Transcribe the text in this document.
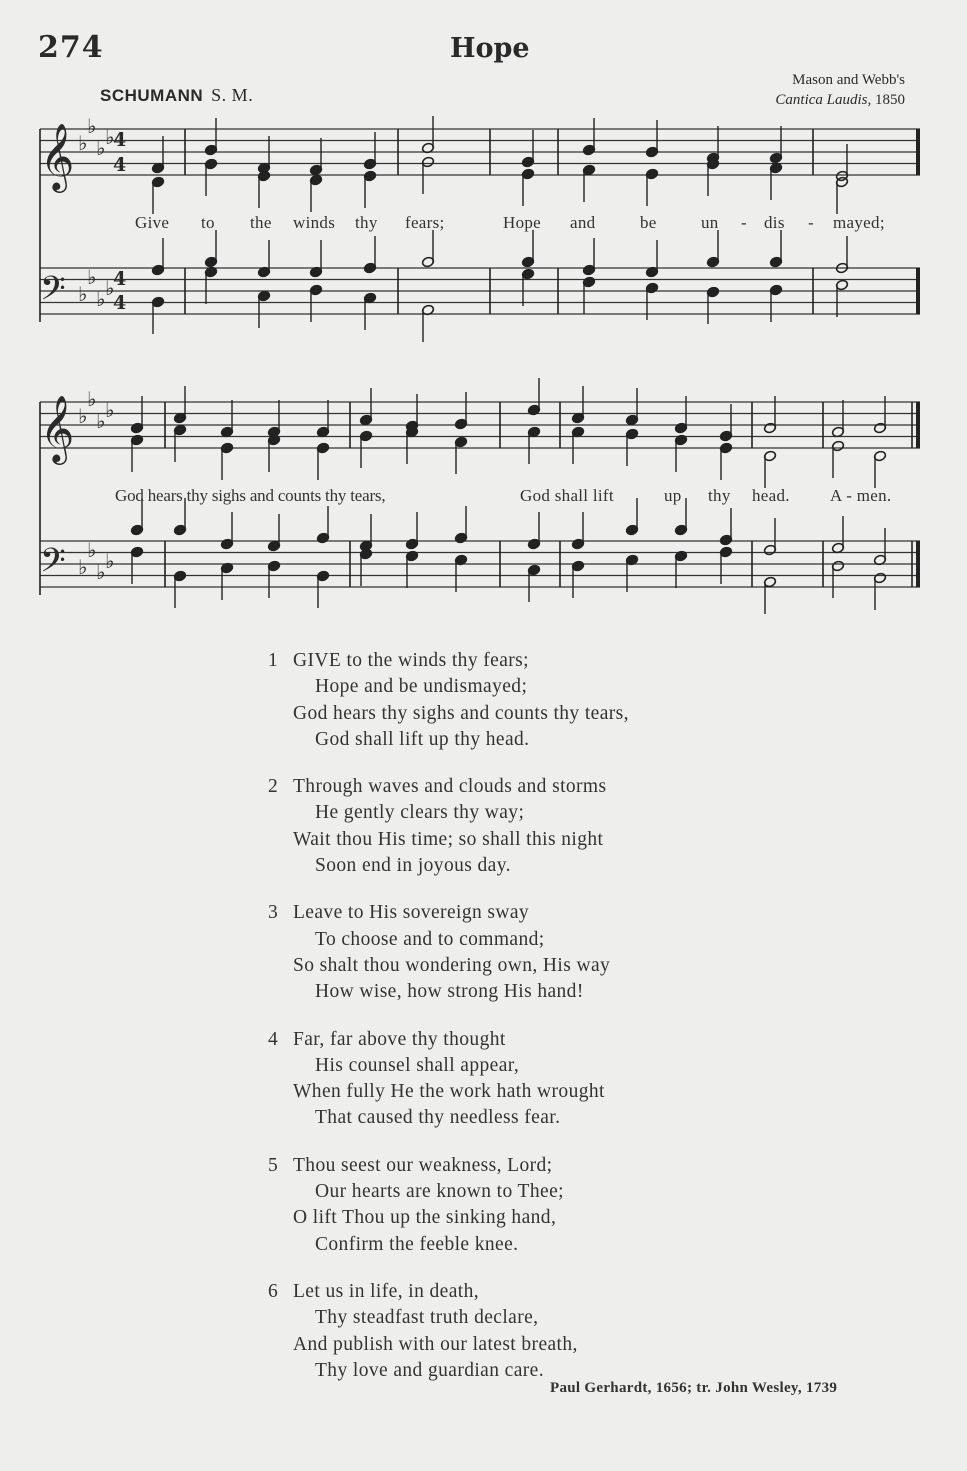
274	Hope
SCHUMANN S. M.
Mason and Webb's
Cantica Laudis, 1850
𝄞
𝄢
𝄞
𝄢
♭
♭
♭ ♭
♭
♭
♭ ♭
♭
♭
♭ ♭
♭
♭
♭ ♭
4
4
4
4
Give to the winds thy fears;	Hope and	be	un - dis - mayed;
God hears thy sighs and counts thy tears,	God shall lift	up thy head. A - men.
1 GIVE to the winds thy fears;
Hope and be undismayed;
God hears thy sighs and counts thy tears,
God shall lift up thy head.
2 Through waves and clouds and storms
He gently clears thy way;
Wait thou His time; so shall this night
Soon end in joyous day.
3 Leave to His sovereign sway
To choose and to command;
So shalt thou wondering own, His way
How wise, how strong His hand!
4 Far, far above thy thought
His counsel shall appear,
When fully He the work hath wrought
That caused thy needless fear.
5 Thou seest our weakness, Lord;
Our hearts are known to Thee;
O lift Thou up the sinking hand,
Confirm the feeble knee.
6 Let us in life, in death,
Thy steadfast truth declare,
And publish with our latest breath,
Thy love and guardian care.
Paul Gerhardt, 1656; tr. John Wesley, 1739
